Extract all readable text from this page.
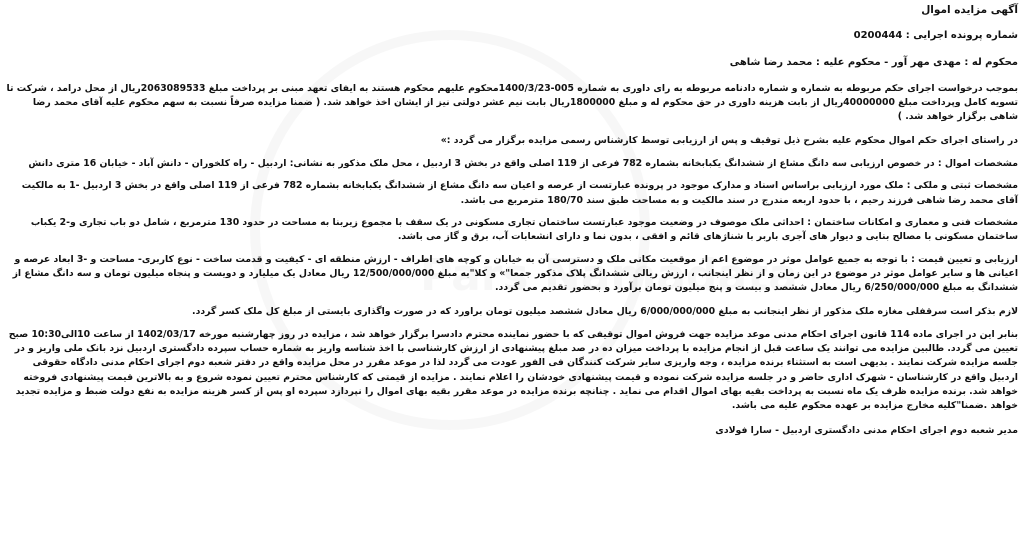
آگهی مزایده اموال

شماره پرونده اجرایی : 0200444

محکوم له : مهدی مهر آور - محکوم علیه : محمد رضا شاهی

بموجب درخواست اجرای حکم مربوطه به شماره و شماره دادنامه مربوطه به رای داوری به شماره 005-1400/3/23محکوم علیهم محکوم هستند به ایفای تعهد مبنی بر پرداخت مبلغ 2063089533ریال از محل درامد ، شرکت تا تسویه کامل وپرداخت مبلغ 40000000ریال از بابت هزینه داوری در حق محکوم له و مبلغ 1800000ریال بابت نیم عشر دولتی نیز از ایشان اخذ خواهد شد. ( ضمنا مزایده صرفاً نسبت به سهم محکوم علیه آقای محمد رضا شاهی برگزار خواهد شد. )

در راستای اجرای حکم اموال محکوم علیه بشرح ذیل توقیف و پس از ارزیابی توسط کارشناس رسمی مزایده برگزار می گردد :»

مشخصات اموال : در خصوص ارزیابی سه دانگ مشاع از ششدانگ یکبابخانه بشماره 782 فرعی از 119 اصلی واقع در بخش 3 اردبیل ، محل ملک مذکور به نشانی: اردبیل - راه کلخوران - دانش آباد - خیابان 16 متری دانش

مشخصات ثبتی و ملکی : ملک مورد ارزیابی براساس اسناد و مدارک موجود در پرونده عبارتست از عرصه و اعیان سه دانگ مشاع از ششدانگ یکبابخانه بشماره 782 فرعی از 119 اصلی واقع در بخش 3 اردبیل -1 به مالکیت آقای محمد رضا شاهی فرزند رحیم ، با حدود اربعه مندرج در سند مالکیت و به مساحت طبق سند 180/70 مترمربع می باشد.

مشخصات فنی و معماری و امکانات ساختمان : احداثی ملک موصوف در وضعیت موجود عبارتست ساختمان تجاری مسکونی در یک سقف با مجموع زیربنا به مساحت در حدود 130 مترمربع ، شامل دو باب تجاری و-2 یکباب ساختمان مسکونی با مصالح بنایی و دیوار های آجری باربر با شناژهای قائم و افقی ، بدون نما و دارای انشعابات آب، برق و گاز می باشد.

ارزیابی و تعیین قیمت : با توجه به جمیع عوامل موثر در موضوع اعم از موقعیت مکانی ملک و دسترسی آن به خیابان و کوچه های اطراف - ارزش منطقه ای - کیفیت و قدمت ساخت - نوع کاربری- مساحت و -3 ابعاد عرصه و اعیانی ها و سایر عوامل موثر در موضوع در این زمان و از نظر اینجانب ، ارزش ریالی ششدانگ پلاک مذکور جمعا"» و کلا"به مبلغ 12/500/000/000 ریال معادل یک میلیارد و دویست و پنجاه میلیون تومان و سه دانگ مشاع از ششدانگ به مبلغ 6/250/000/000 ریال معادل ششصد و بیست و پنج میلیون تومان برآورد و بحضور تقدیم می گردد.

لازم بذکر است سرقفلی مغازه ملک مذکور از نظر اینجانب به مبلغ 6/000/000/000 ریال معادل ششصد میلیون تومان براورد که در صورت واگذاری بایستی از مبلغ کل ملک کسر گردد.

بنابر این در اجرای ماده 114 قانون اجرای احکام مدنی موعد مزایده جهت فروش اموال توقیفی که با حضور نماینده محترم دادسرا برگزار خواهد شد ، مزایده در روز چهارشنبه مورخه 1402/03/17 از ساعت 10الی10:30 صبح تعیین می گردد. طالبین مزایده می توانند یک ساعت قبل از انجام مزایده با پرداخت میزان ده در صد مبلغ پیشنهادی از ارزش کارشناسی با اخذ شناسه واریز به شماره حساب سپرده دادگستری اردبیل نزد بانک ملی واریز و در جلسه مزایده شرکت نمایند . بدیهی است به استثناء برنده مزایده ، وجه واریزی سایر شرکت کنندگان فی الفور عودت می گردد لذا در موعد مقرر در محل مزایده واقع در دفتر شعبه دوم اجرای احکام مدنی دادگاه حقوقی اردبیل واقع در کارشناسان - شهرک اداری حاضر و در جلسه مزایده شرکت نموده و قیمت پیشنهادی خودشان را اعلام نمایند . مزایده از قیمتی که کارشناس محترم تعیین نموده شروع و به بالاترین قیمت پیشنهادی فروخته خواهد شد. برنده مزایده ظرف یک ماه نسبت به پرداخت بقیه بهای اموال اقدام می نماید . چنانچه برنده مزایده در موعد مقرر بقیه بهای اموال را نپردازد سپرده او پس از کسر هزینه مزایده به نفع دولت ضبط و مزایده تجدید خواهد .ضمنا"کلیه مخارج مزایده بر عهده محکوم علیه می باشد.

مدیر شعبه دوم اجرای احکام مدنی دادگستری اردبیل - سارا فولادی
